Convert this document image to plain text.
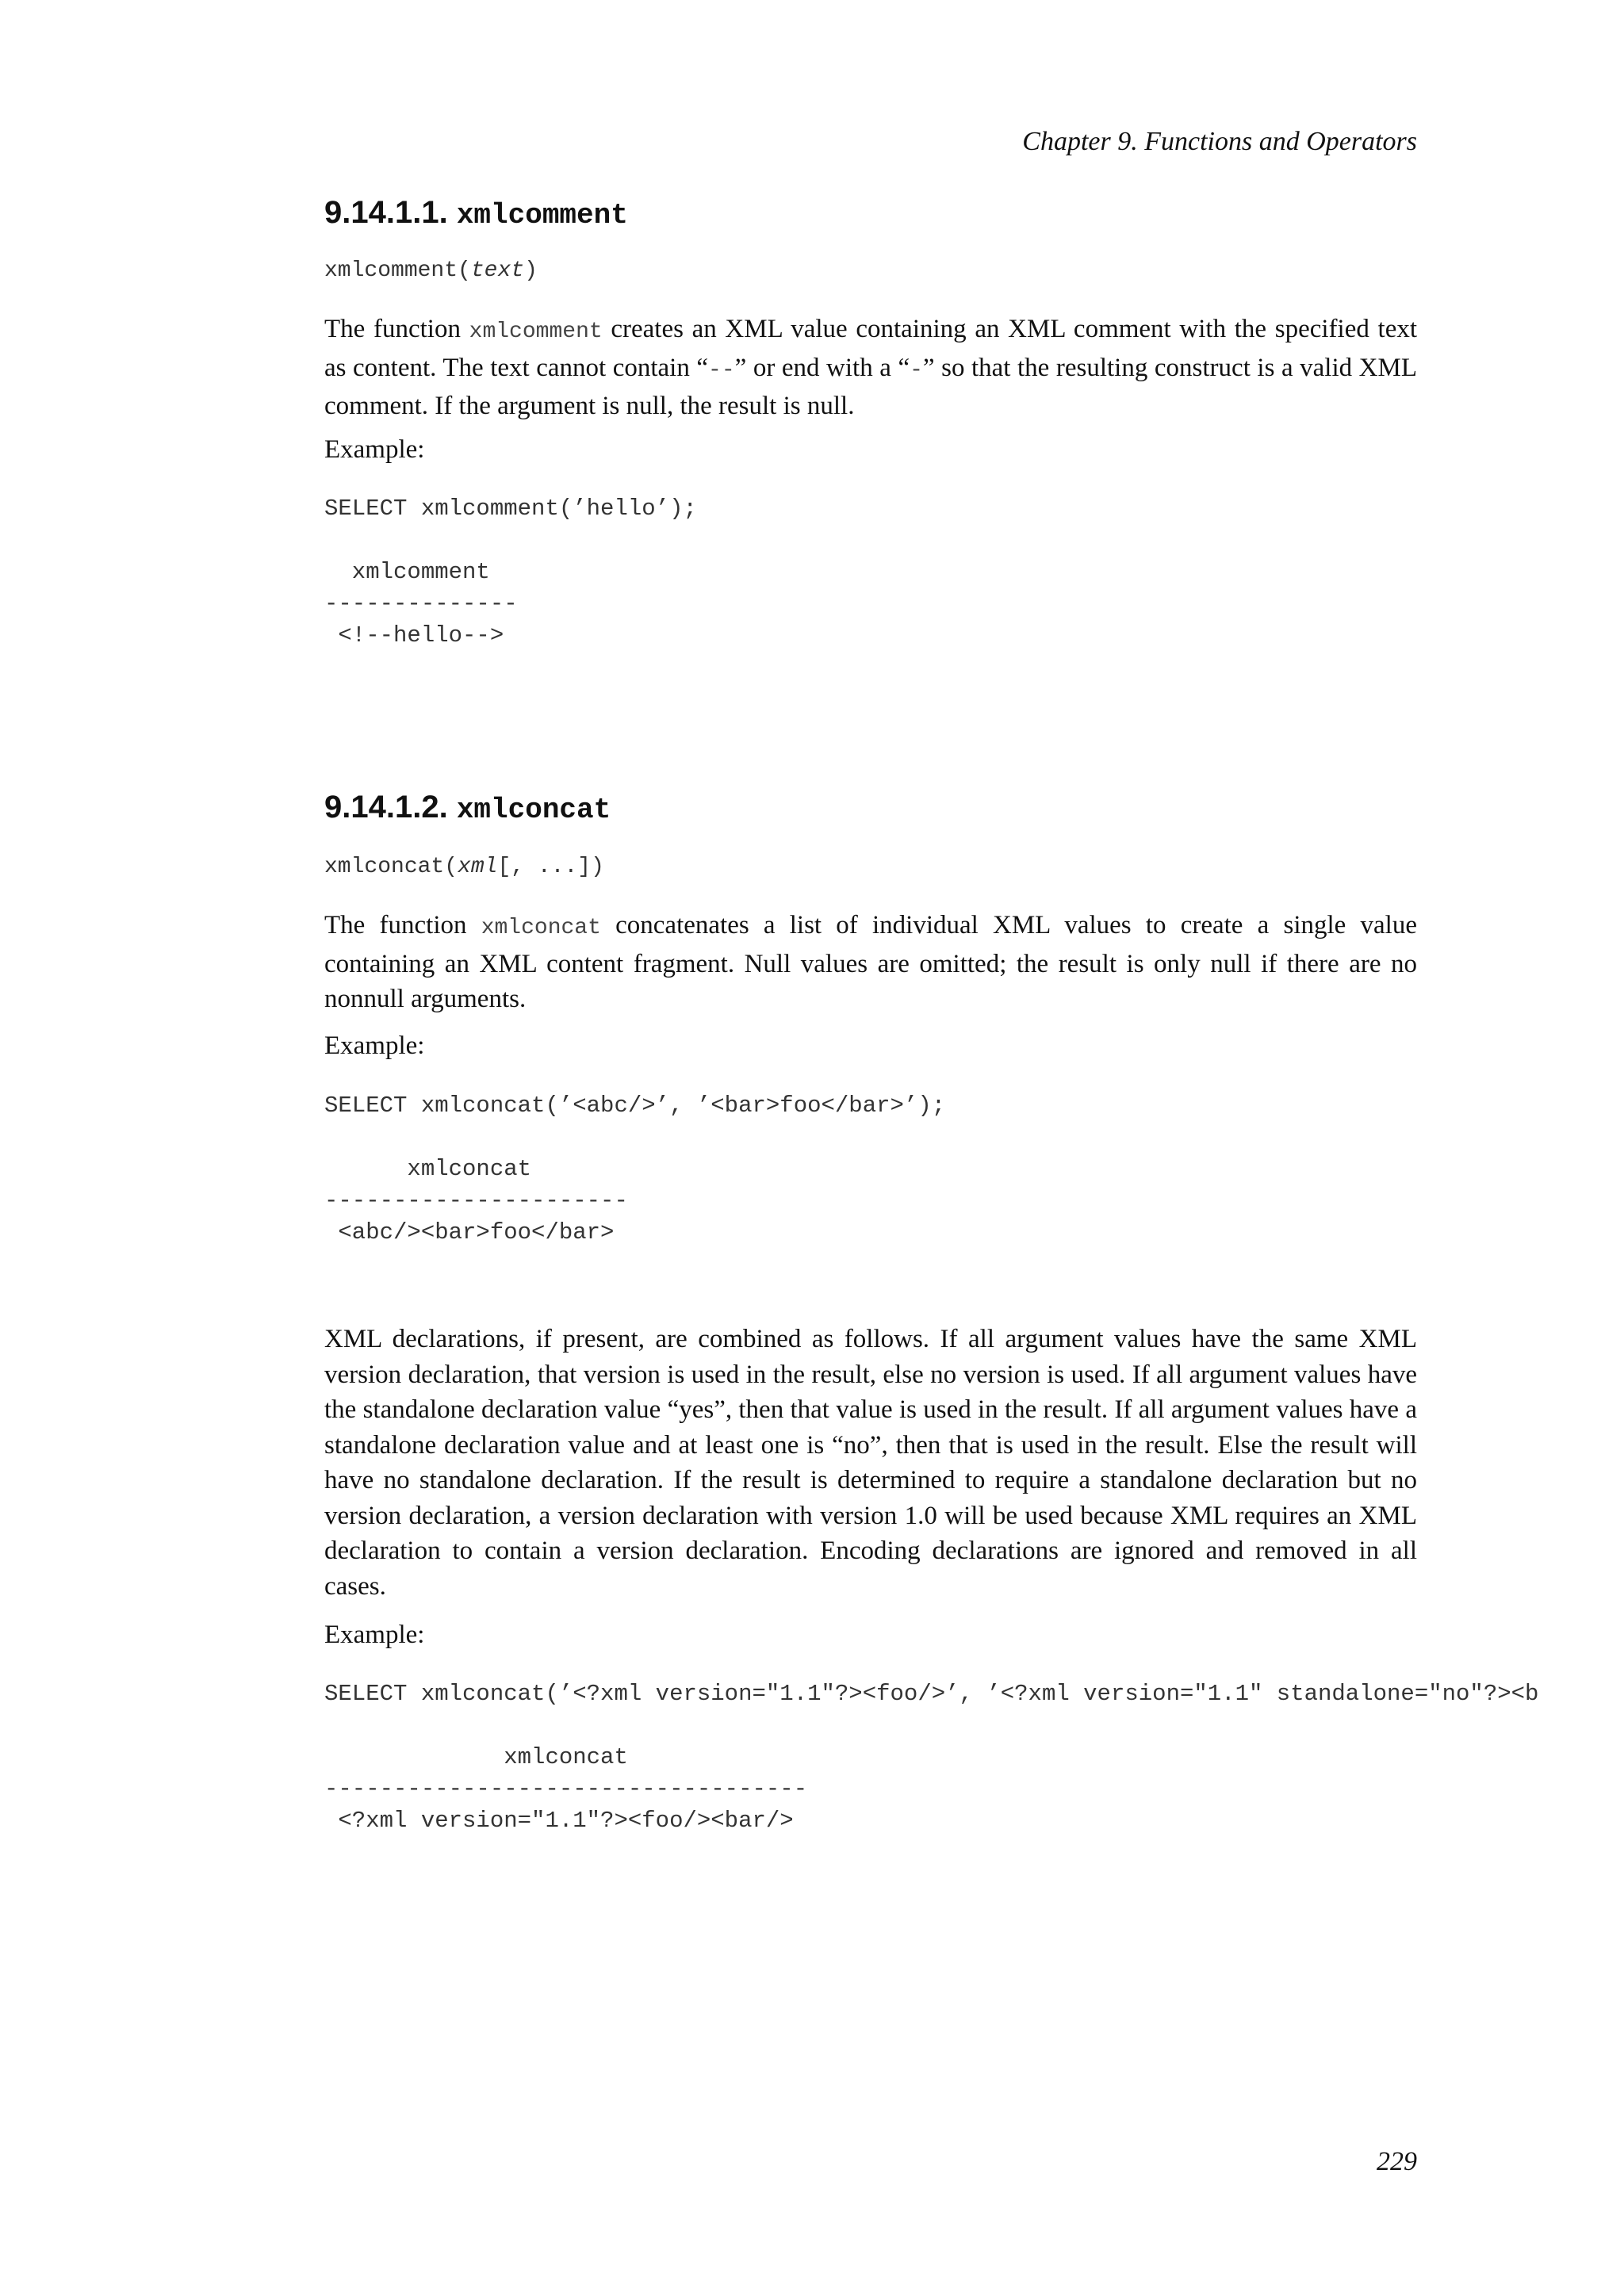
Chapter 9. Functions and Operators
9.14.1.1. xmlcomment
xmlcomment(text)

The function xmlcomment creates an XML value containing an XML comment with the specified text as content. The text cannot contain “--” or end with a “-” so that the resulting construct is a valid XML comment. If the argument is null, the result is null.

Example:
SELECT xmlcomment(’hello’);

xmlcomment
--------------
<!--hello-->
9.14.1.2. xmlconcat
xmlconcat(xml[, ...])

The function xmlconcat concatenates a list of individual XML values to create a single value containing an XML content fragment. Null values are omitted; the result is only null if there are no nonnull arguments.

Example:
SELECT xmlconcat(’<abc/>’, ’<bar>foo</bar>’);

xmlconcat
----------------------
<abc/><bar>foo</bar>

XML declarations, if present, are combined as follows. If all argument values have the same XML version declaration, that version is used in the result, else no version is used. If all argument values have the standalone declaration value “yes”, then that value is used in the result. If all argument values have a standalone declaration value and at least one is “no”, then that is used in the result. Else the result will have no standalone declaration. If the result is determined to require a standalone declaration but no version declaration, a version declaration with version 1.0 will be used because XML requires an XML declaration to contain a version declaration. Encoding declarations are ignored and removed in all cases.

Example:
SELECT xmlconcat(’<?xml version="1.1"?><foo/>’, ’<?xml version="1.1" standalone="no"?><b

xmlconcat
-----------------------------------
<?xml version="1.1"?><foo/><bar/>
229
